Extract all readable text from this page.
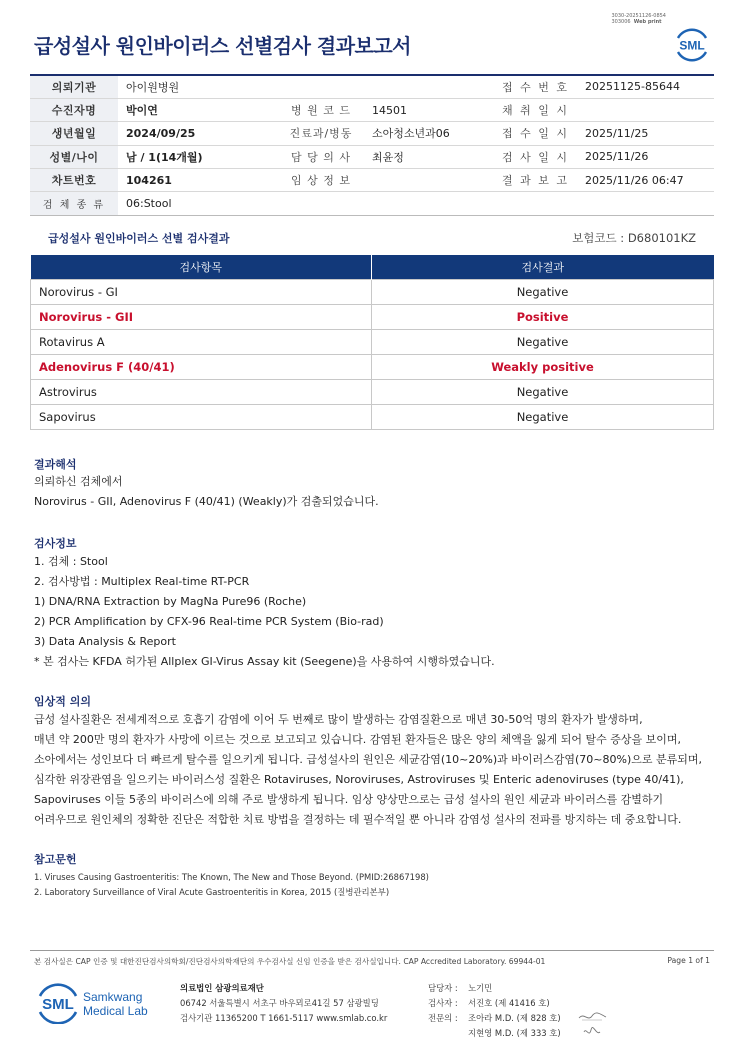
3030-20251126-0854
303006 Web print
급성설사 원인바이러스 선별검사 결과보고서	SML
의뢰기관	아이원병원			접 수 번 호	20251125-85644
수진자명	박이연	병 원 코 드	14501	채 취 일 시	
생년월일	2024/09/25	진료과/병동	소아청소년과06	접 수 일 시	2025/11/25
성별/나이	남 / 1(14개월)	담 당 의 사	최윤정	검 사 일 시	2025/11/26
차트번호	104261	임 상 정 보		결 과 보 고	2025/11/26 06:47
검 체 종 류	06:Stool				
급성설사 원인바이러스 선별 검사결과	보험코드 : D680101KZ
검사항목	검사결과
Norovirus - GI	Negative
Norovirus - GII	Positive
Rotavirus A	Negative
Adenovirus F (40/41)	Weakly positive
Astrovirus	Negative
Sapovirus	Negative
결과해석
의뢰하신 검체에서
Norovirus - GII, Adenovirus F (40/41) (Weakly)가 검출되었습니다.
검사정보
1. 검체 : Stool
2. 검사방법 : Multiplex Real-time RT-PCR
1) DNA/RNA Extraction by MagNa Pure96 (Roche)
2) PCR Amplification by CFX-96 Real-time PCR System (Bio-rad)
3) Data Analysis & Report
* 본 검사는 KFDA 허가된 Allplex GI-Virus Assay kit (Seegene)을 사용하여 시행하였습니다.
임상적 의의
급성 설사질환은 전세계적으로 호흡기 감염에 이어 두 번째로 많이 발생하는 감염질환으로 매년 30-50억 명의 환자가 발생하며,
매년 약 200만 명의 환자가 사망에 이르는 것으로 보고되고 있습니다. 감염된 환자들은 많은 양의 체액을 잃게 되어 탈수 증상을 보이며,
소아에서는 성인보다 더 빠르게 탈수를 일으키게 됩니다. 급성설사의 원인은 세균감염(10~20%)과 바이러스감염(70~80%)으로 분류되며,
심각한 위장관염을 일으키는 바이러스성 질환은 Rotaviruses, Noroviruses, Astroviruses 및 Enteric adenoviruses (type 40/41),
Sapoviruses 이들 5종의 바이러스에 의해 주로 발생하게 됩니다. 임상 양상만으로는 급성 설사의 원인 세균과 바이러스를 감별하기
어려우므로 원인체의 정확한 진단은 적합한 치료 방법을 결정하는 데 필수적일 뿐 아니라 감염성 설사의 전파를 방지하는 데 중요합니다.
참고문헌
1. Viruses Causing Gastroenteritis: The Known, The New and Those Beyond. (PMID:26867198)
2. Laboratory Surveillance of Viral Acute Gastroenteritis in Korea, 2015 (질병관리본부)
본 검사실은 CAP 인증 및 대한진단검사의학회/진단검사의학재단의 우수검사실 신임 인증을 받은 검사실입니다. CAP Accredited Laboratory. 69944-01	Page 1 of 1
SML Samkwang
Medical Lab
의료법인 삼광의료재단
06742 서울특별시 서초구 바우뫼로41길 57 삼광빌딩
검사기관 11365200 T 1661-5117 www.smlab.co.kr
담당자 : 노기민
검사자 : 서진호 (제 41416 호)
전문의 : 조아라 M.D. (제 828 호)
지현영 M.D. (제 333 호)
